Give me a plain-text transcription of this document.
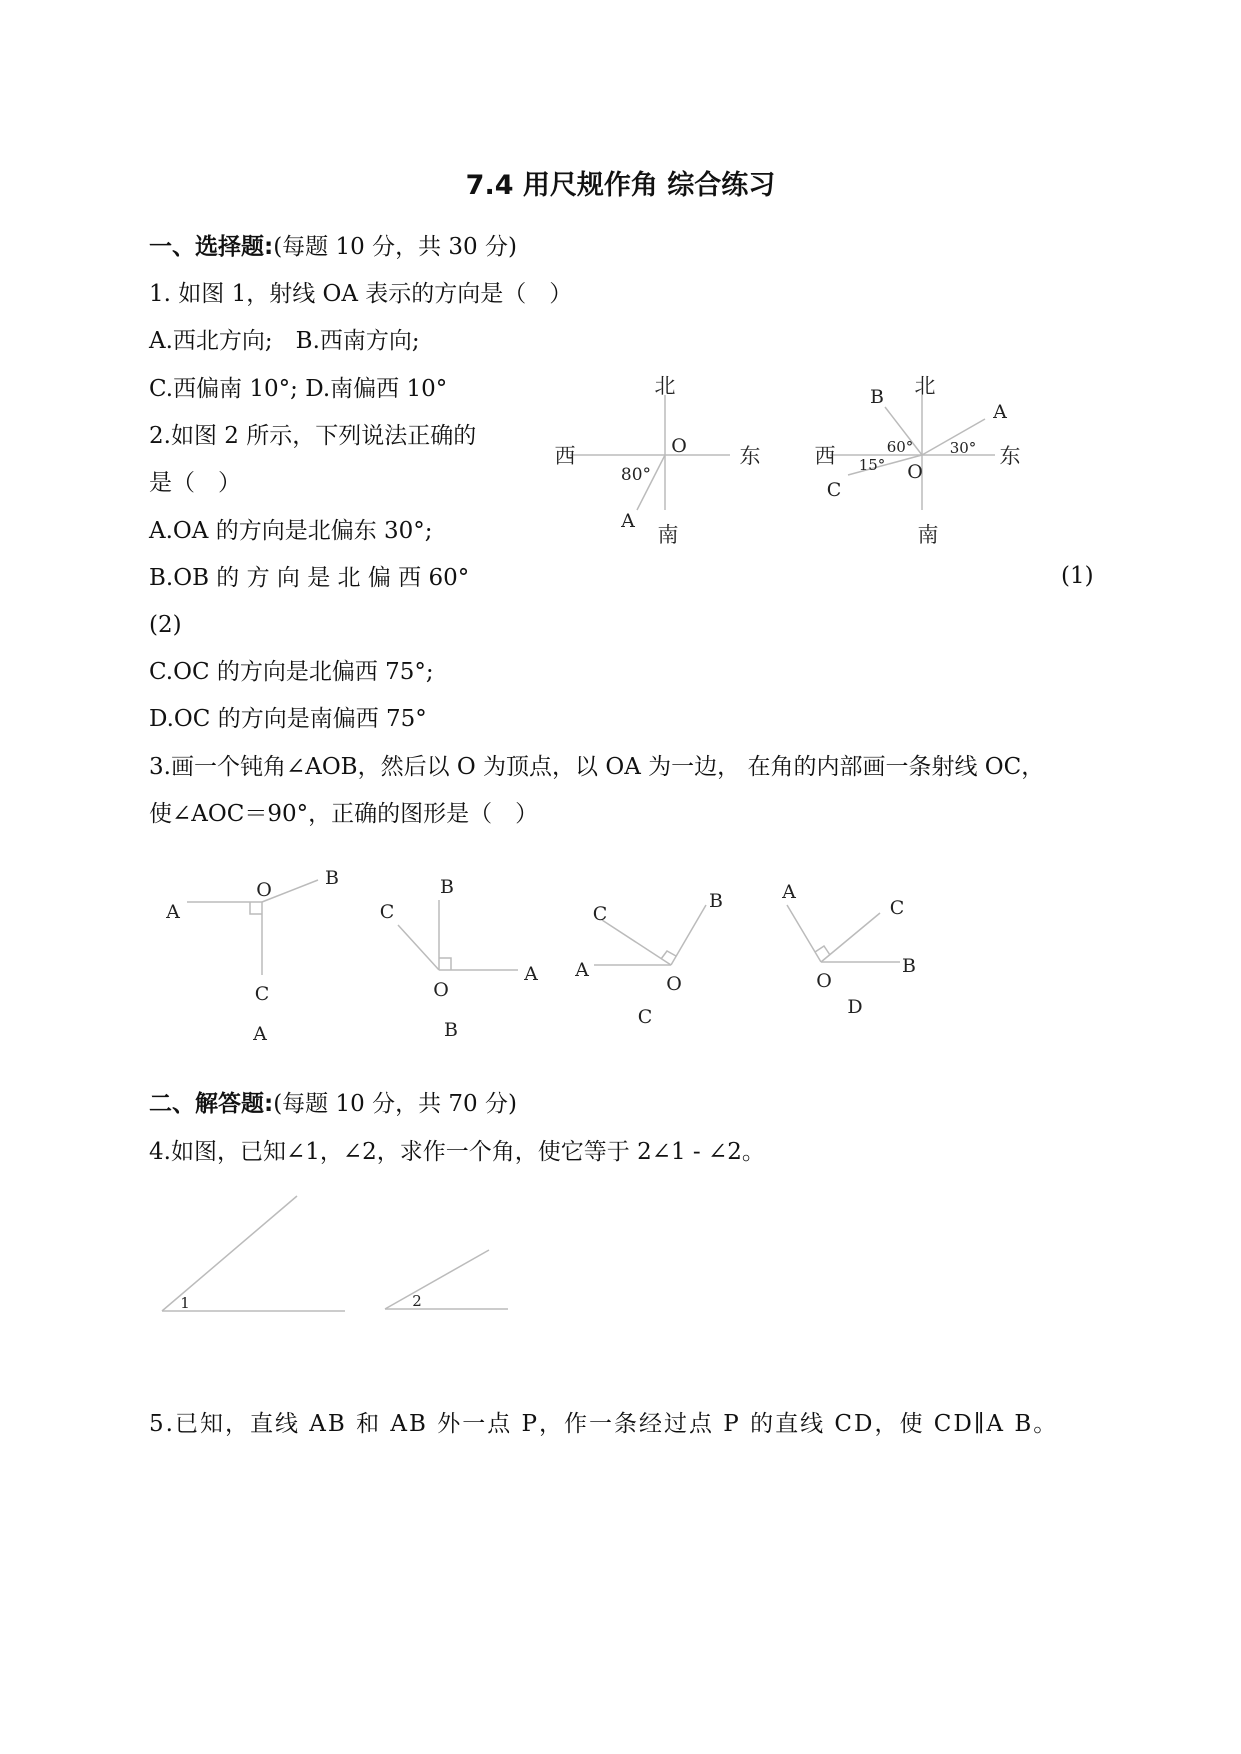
7.4 用尺规作角 综合练习
一、选择题:(每题 10 分，共 30 分)
1. 如图 1，射线 OA 表示的方向是（　）
A.西北方向;　B.西南方向;
C.西偏南 10°; D.南偏西 10°
2.如图 2 所示，下列说法正确的
是（　）
A.OA 的方向是北偏东 30°;
B.OB 的 方 向 是 北 偏 西 60°	(1)
(2)
C.OC 的方向是北偏西 75°;
D.OC 的方向是南偏西 75°
3.画一个钝角∠AOB，然后以 O 为顶点，以 OA 为一边， 在角的内部画一条射线 OC，
使∠AOC＝90°，正确的图形是（　）
北
南
西	东
O
80°
A
北
南
西	东
O
A
B
C
60° 30°
15°
A
O
B
C
A
C
B
O
A
B
C
B
A
O
C
A
C
O
B
D
二、解答题:(每题 10 分，共 70 分)
4.如图，已知∠1，∠2，求作一个角，使它等于 2∠1 - ∠2。
1	2
5.已知，直线 AB 和 AB 外一点 P，作一条经过点 P 的直线 CD，使 CD∥A B。
